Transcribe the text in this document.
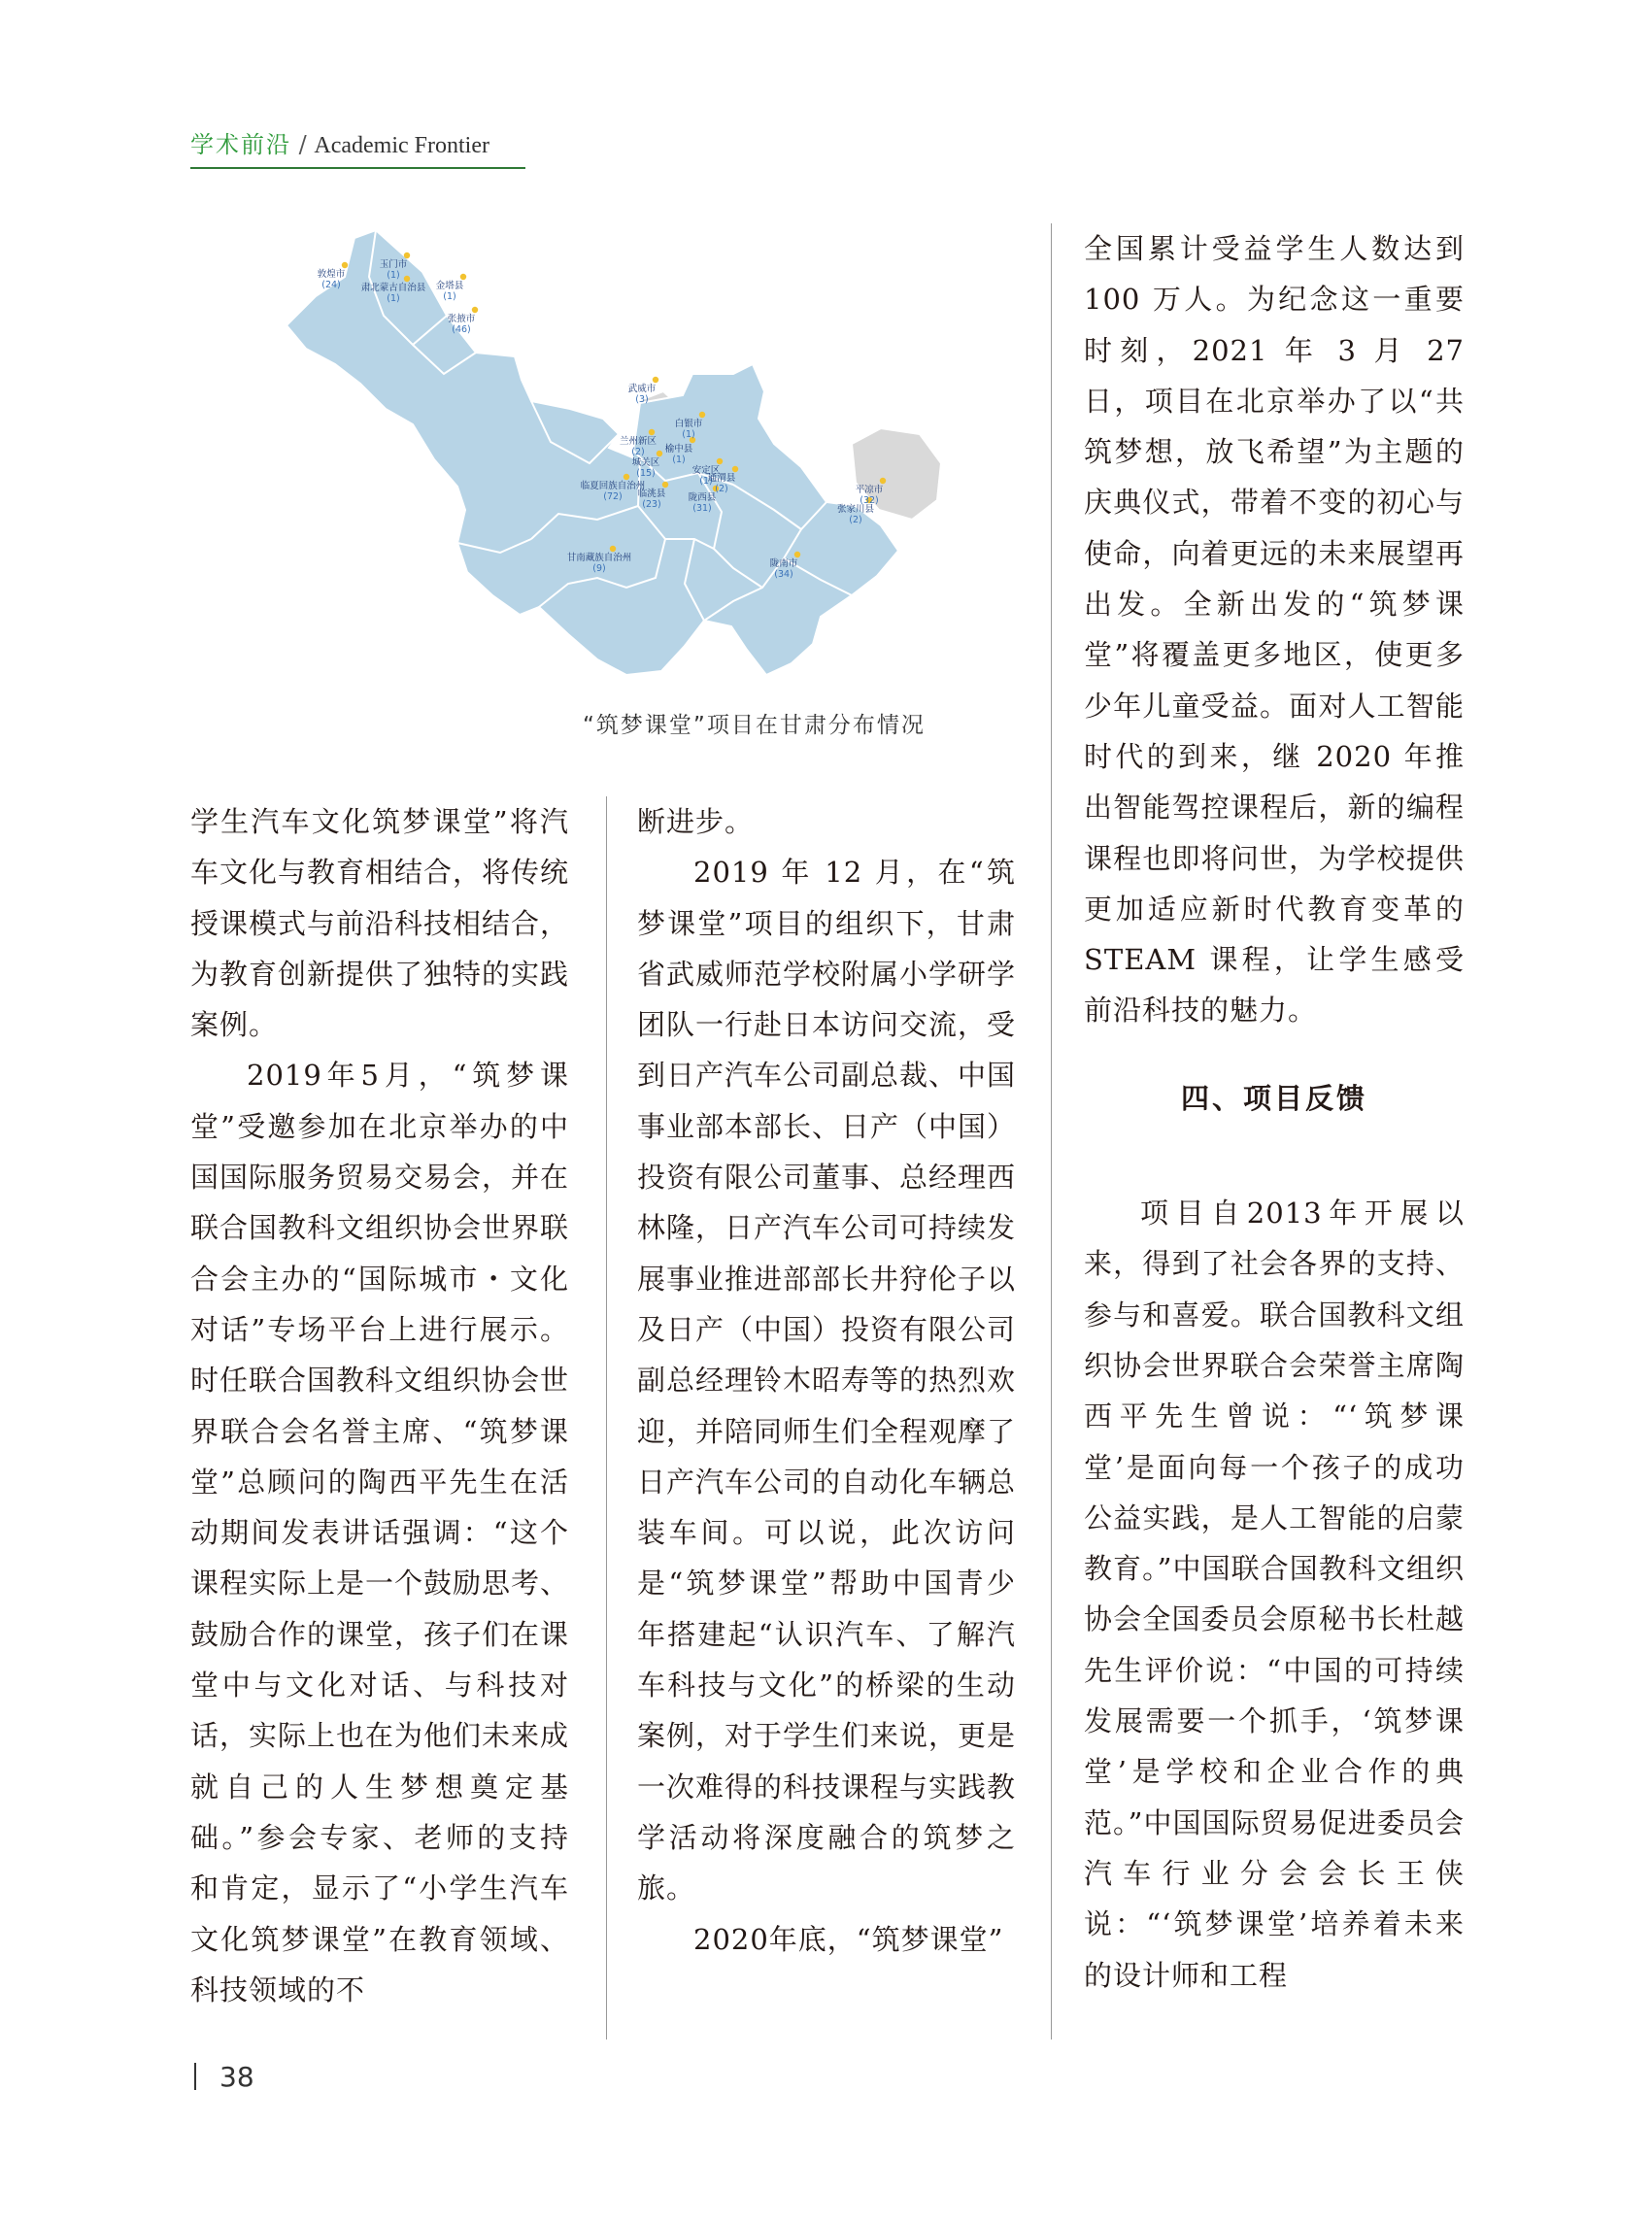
学术前沿 / Academic Frontier
敦煌市
(24)
玉门市
(1)
肃北蒙古自治县
(1)
金塔县
(1)
张掖市
(46)
武威市
(3)
白银市
(1)
兰州新区
(2) 榆中县
(1)
城关区
(15)	安定区
(1)
临夏回族自治州
(72)
通渭县
(2)	平凉市
(32)
临洮县
(23)
陇西县
(31)	张家川县
(2)
甘南藏族自治州
(9)	陇南市
(34)
“筑梦课堂”项目在甘肃分布情况

学生汽车文化筑梦课堂”将汽车文化与教育相结合，将传统授课模式与前沿科技相结合，为教育创新提供了独特的实践案例。

2019年5月，“筑梦课堂”受邀参加在北京举办的中国国际服务贸易交易会，并在联合国教科文组织协会世界联合会主办的“国际城市・文化对话”专场平台上进行展示。时任联合国教科文组织协会世界联合会名誉主席、“筑梦课堂”总顾问的陶西平先生在活动期间发表讲话强调：“这个课程实际上是一个鼓励思考、鼓励合作的课堂，孩子们在课堂中与文化对话、与科技对话，实际上也在为他们未来成就自己的人生梦想奠定基础。”参会专家、老师的支持和肯定，显示了“小学生汽车文化筑梦课堂”在教育领域、科技领域的不

断进步。

2019 年 12 月，在“筑梦课堂”项目的组织下，甘肃省武威师范学校附属小学研学团队一行赴日本访问交流，受到日产汽车公司副总裁、中国事业部本部长、日产（中国）投资有限公司董事、总经理西林隆，日产汽车公司可持续发展事业推进部部长井狩伦子以及日产（中国）投资有限公司副总经理铃木昭寿等的热烈欢迎，并陪同师生们全程观摩了日产汽车公司的自动化车辆总装车间。可以说，此次访问是“筑梦课堂”帮助中国青少年搭建起“认识汽车、了解汽车科技与文化”的桥梁的生动案例，对于学生们来说，更是一次难得的科技课程与实践教学活动将深度融合的筑梦之旅。

2020年底，“筑梦课堂”

全国累计受益学生人数达到 100 万人。为纪念这一重要时刻，2021 年 3 月 27 日，项目在北京举办了以“共筑梦想，放飞希望”为主题的庆典仪式，带着不变的初心与使命，向着更远的未来展望再出发。全新出发的“筑梦课堂”将覆盖更多地区，使更多少年儿童受益。面对人工智能时代的到来，继 2020 年推出智能驾控课程后，新的编程课程也即将问世，为学校提供更加适应新时代教育变革的 STEAM 课程，让学生感受前沿科技的魅力。

四、项目反馈

项目自2013年开展以来，得到了社会各界的支持、参与和喜爱。联合国教科文组织协会世界联合会荣誉主席陶西平先生曾说：“‘筑梦课堂’是面向每一个孩子的成功公益实践，是人工智能的启蒙教育。”中国联合国教科文组织协会全国委员会原秘书长杜越先生评价说：“中国的可持续发展需要一个抓手，‘筑梦课堂’是学校和企业合作的典范。”中国国际贸易促进委员会汽车行业分会会长王侠说：“‘筑梦课堂’培养着未来的设计师和工程

38
